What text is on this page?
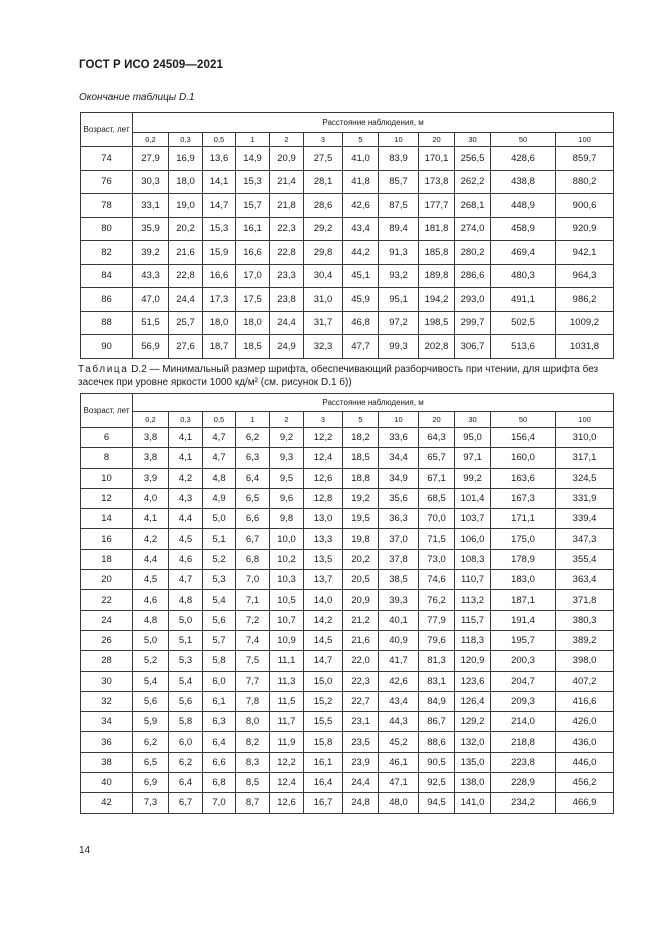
ГОСТ Р ИСО 24509—2021
Окончание таблицы D.1
Возраст, лет	Расстояние наблюдения, м											
	0,2	0,3	0,5	1	2	3	5	10	20	30	50	100
74	27,9	16,9	13,6	14,9	20,9	27,5	41,0	83,9	170,1	256,5	428,6	859,7
76	30,3	18,0	14,1	15,3	21,4	28,1	41,8	85,7	173,8	262,2	438,8	880,2
78	33,1	19,0	14,7	15,7	21,8	28,6	42,6	87,5	177,7	268,1	448,9	900,6
80	35,9	20,2	15,3	16,1	22,3	29,2	43,4	89,4	181,8	274,0	458,9	920,9
82	39,2	21,6	15,9	16,6	22,8	29,8	44,2	91,3	185,8	280,2	469,4	942,1
84	43,3	22,8	16,6	17,0	23,3	30,4	45,1	93,2	189,8	286,6	480,3	964,3
86	47,0	24,4	17,3	17,5	23,8	31,0	45,9	95,1	194,2	293,0	491,1	986,2
88	51,5	25,7	18,0	18,0	24,4	31,7	46,8	97,2	198,5	299,7	502,5	1009,2
90	56,9	27,6	18,7	18,5	24,9	32,3	47,7	99,3	202,8	306,7	513,6	1031,8
Таблица D.2 — Минимальный размер шрифта, обеспечивающий разборчивость при чтении, для шрифта без засечек при уровне яркости 1000 кд/м² (см. рисунок D.1 б))
Возраст, лет	Расстояние наблюдения, м											
	0,2	0,3	0,5	1	2	3	5	10	20	30	50	100
6	3,8	4,1	4,7	6,2	9,2	12,2	18,2	33,6	64,3	95,0	156,4	310,0
8	3,8	4,1	4,7	6,3	9,3	12,4	18,5	34,4	65,7	97,1	160,0	317,1
10	3,9	4,2	4,8	6,4	9,5	12,6	18,8	34,9	67,1	99,2	163,6	324,5
12	4,0	4,3	4,9	6,5	9,6	12,8	19,2	35,6	68,5	101,4	167,3	331,9
14	4,1	4,4	5,0	6,6	9,8	13,0	19,5	36,3	70,0	103,7	171,1	339,4
16	4,2	4,5	5,1	6,7	10,0	13,3	19,8	37,0	71,5	106,0	175,0	347,3
18	4,4	4,6	5,2	6,8	10,2	13,5	20,2	37,8	73,0	108,3	178,9	355,4
20	4,5	4,7	5,3	7,0	10,3	13,7	20,5	38,5	74,6	110,7	183,0	363,4
22	4,6	4,8	5,4	7,1	10,5	14,0	20,9	39,3	76,2	113,2	187,1	371,8
24	4,8	5,0	5,6	7,2	10,7	14,2	21,2	40,1	77,9	115,7	191,4	380,3
26	5,0	5,1	5,7	7,4	10,9	14,5	21,6	40,9	79,6	118,3	195,7	389,2
28	5,2	5,3	5,8	7,5	11,1	14,7	22,0	41,7	81,3	120,9	200,3	398,0
30	5,4	5,4	6,0	7,7	11,3	15,0	22,3	42,6	83,1	123,6	204,7	407,2
32	5,6	5,6	6,1	7,8	11,5	15,2	22,7	43,4	84,9	126,4	209,3	416,6
34	5,9	5,8	6,3	8,0	11,7	15,5	23,1	44,3	86,7	129,2	214,0	426,0
36	6,2	6,0	6,4	8,2	11,9	15,8	23,5	45,2	88,6	132,0	218,8	436,0
38	6,5	6,2	6,6	8,3	12,2	16,1	23,9	46,1	90,5	135,0	223,8	446,0
40	6,9	6,4	6,8	8,5	12,4	16,4	24,4	47,1	92,5	138,0	228,9	456,2
42	7,3	6,7	7,0	8,7	12,6	16,7	24,8	48,0	94,5	141,0	234,2	466,9
14
